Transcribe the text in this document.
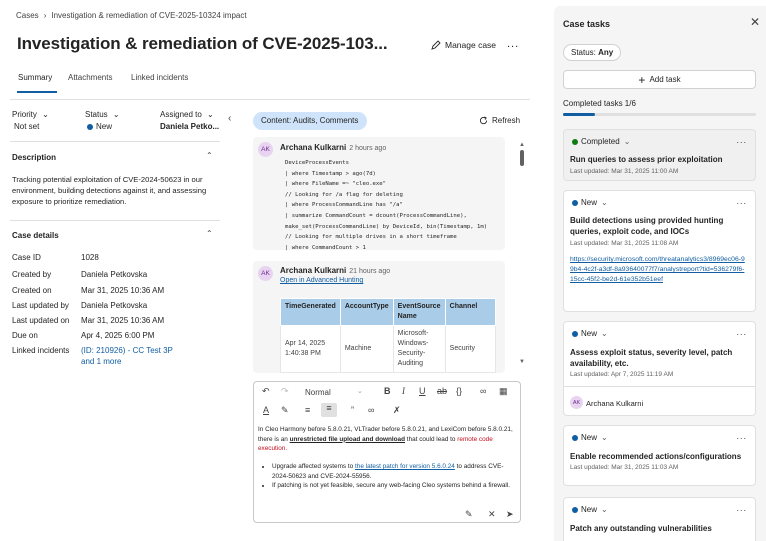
Cases › Investigation & remediation of CVE-2025-10324 impact
Investigation & remediation of CVE-2025-103...	Manage case ...
Summary Attachments Linked incidents
Priority ⌄
Not set
Status ⌄
New
Assigned to ⌄
Daniela Petko...
‹
Description	⌃
Tracking potential exploitation of CVE-2024-50623 in our environment, building detections against it, and assessing exposure to prioritize remediation.
Case details	⌃
Case ID	1028
Created by	Daniela Petkovska
Created on	Mar 31, 2025 10:36 AM
Last updated by Daniela Petkovska
Last updated on Mar 31, 2025 10:36 AM
Due on	Apr 4, 2025 6:00 PM
Linked incidents (ID: 210926) - CC Test 3P
and 1 more
Content: Audits, Comments	Refresh
AK	Archana Kulkarni 2 hours ago
DeviceProcessEvents
| where Timestamp > ago(7d)
| where FileName =~ "cleo.exe"
// Looking for /a flag for deleting
| where ProcessCommandLine has "/a"
| summarize CommandCount = dcount(ProcessCommandLine),
make_set(ProcessCommandLine) by DeviceId, bin(Timestamp, 1m)
// Looking for multiple drives in a short timeframe
| where CommandCount > 1
TimeGenerated	AccountType	EventSource Name	Channel
Apr 14, 2025 1:40:38 PM	Machine	Microsoft-Windows-Security-Auditing	Security
AK	Archana Kulkarni 21 hours ago
Open in Advanced Hunting
▲
▼
↶ ↷ Normal	⌄ B I U ab {} ∞ ▦
A ✎ ≡	≡	” ∞ ✗
In Cleo Harmony before 5.8.0.21, VLTrader before 5.8.0.21, and LexiCom before 5.8.0.21, there is an unrestricted file upload and download that could lead to remote code execution.
• Upgrade affected systems to the latest patch for version 5.6.0.24 to address CVE-2024-50623 and CVE-2024-55956.
• If patching is not yet feasible, secure any web-facing Cleo systems behind a firewall.
✎ ✕ ➤
Case tasks	✕
Status: Any
+ Add task
Completed tasks 1/6
Completed ⌄	...
Run queries to assess prior exploitation
Last updated: Mar 31, 2025 11:00 AM
New ⌄	...
Build detections using provided hunting queries, exploit code, and IOCs
Last updated: Mar 31, 2025 11:08 AM
https://security.microsoft.com/threatanalytics3/8969ec06-99b4-4c2f-a3df-8a93640077f7/analystreport?tid=536279f6-15cc-45f2-be2d-61e352b51eef
New ⌄	...
Assess exploit status, severity level, patch availability, etc.
Last updated: Apr 7, 2025 11:19 AM
AK Archana Kulkarni
New ⌄	...
Enable recommended actions/configurations
Last updated: Mar 31, 2025 11:03 AM
New ⌄	...
Patch any outstanding vulnerabilities
